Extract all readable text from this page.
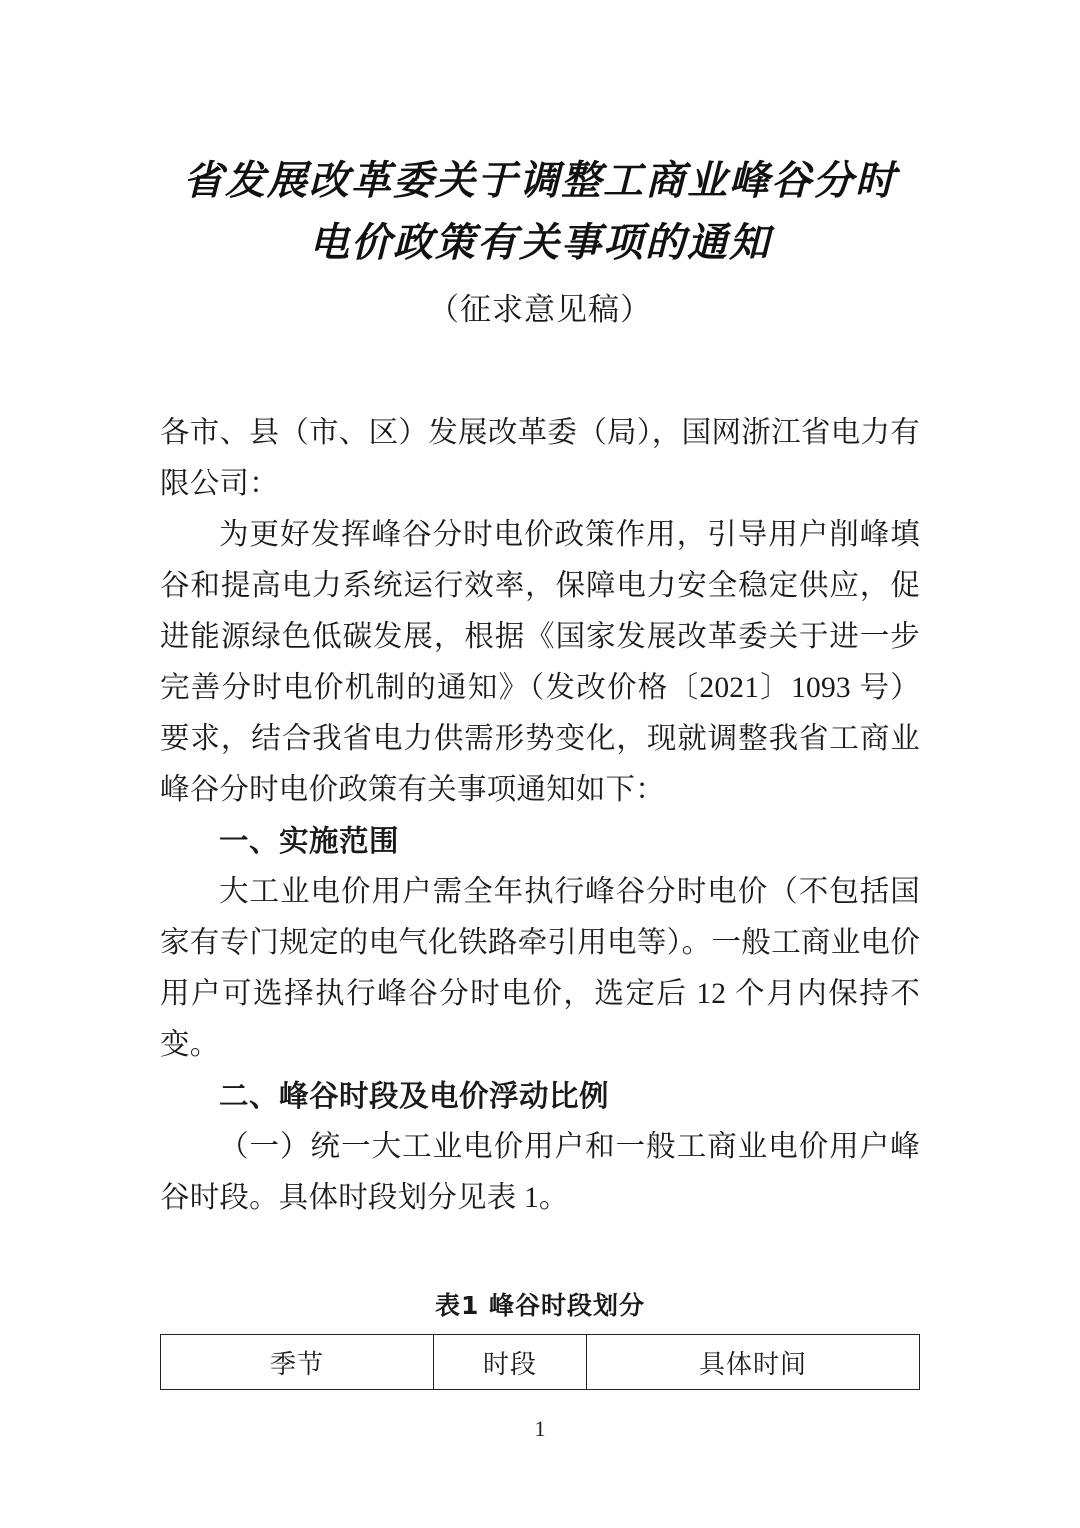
省发展改革委关于调整工商业峰谷分时
电价政策有关事项的通知
（征求意见稿）

各市、县（市、区）发展改革委（局），国网浙江省电力有限公司：

为更好发挥峰谷分时电价政策作用，引导用户削峰填谷和提高电力系统运行效率，保障电力安全稳定供应，促进能源绿色低碳发展，根据《国家发展改革委关于进一步完善分时电价机制的通知》（发改价格〔2021〕1093 号）要求，结合我省电力供需形势变化，现就调整我省工商业峰谷分时电价政策有关事项通知如下：

一、实施范围

大工业电价用户需全年执行峰谷分时电价（不包括国家有专门规定的电气化铁路牵引用电等）。一般工商业电价用户可选择执行峰谷分时电价，选定后 12 个月内保持不变。

二、峰谷时段及电价浮动比例

（一）统一大工业电价用户和一般工商业电价用户峰谷时段。具体时段划分见表 1。

表1 峰谷时段划分
季节	时段	具体时间
1
